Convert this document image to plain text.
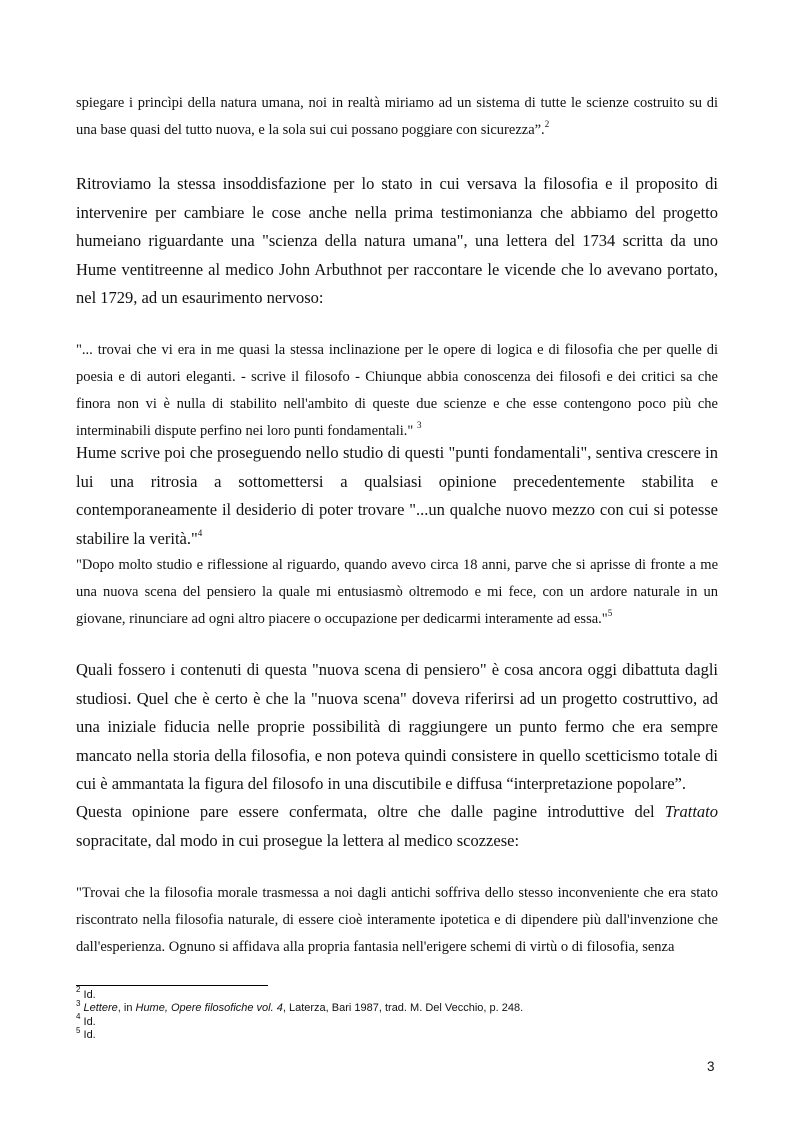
spiegare i princìpi della natura umana, noi in realtà miriamo ad un sistema di tutte le scienze costruito su di una base quasi del tutto nuova, e la sola sui cui possano poggiare con sicurezza”.$^2$

Ritroviamo la stessa insoddisfazione per lo stato in cui versava la filosofia e il proposito di intervenire per cambiare le cose anche nella prima testimonianza che abbiamo del progetto humeiano riguardante una "scienza della natura umana", una lettera del 1734 scritta da uno Hume ventitreenne al medico John Arbuthnot per raccontare le vicende che lo avevano portato, nel 1729, ad un esaurimento nervoso:

"... trovai che vi era in me quasi la stessa inclinazione per le opere di logica e di filosofia che per quelle di poesia e di autori eleganti. - scrive il filosofo - Chiunque abbia conoscenza dei filosofi e dei critici sa che finora non vi è nulla di stabilito nell'ambito di queste due scienze e che esse contengono poco più che interminabili dispute perfino nei loro punti fondamentali." $^3$

Hume scrive poi che proseguendo nello studio di questi "punti fondamentali", sentiva crescere in lui una ritrosia a sottomettersi a qualsiasi opinione precedentemente stabilita e contemporaneamente il desiderio di poter trovare "...un qualche nuovo mezzo con cui si potesse stabilire la verità."$^4$

"Dopo molto studio e riflessione al riguardo, quando avevo circa 18 anni, parve che si aprisse di fronte a me una nuova scena del pensiero la quale mi entusiasmò oltremodo e mi fece, con un ardore naturale in un giovane, rinunciare ad ogni altro piacere o occupazione per dedicarmi interamente ad essa."$^5$

Quali fossero i contenuti di questa "nuova scena di pensiero" è cosa ancora oggi dibattuta dagli studiosi. Quel che è certo è che la "nuova scena" doveva riferirsi ad un progetto costruttivo, ad una iniziale fiducia nelle proprie possibilità di raggiungere un punto fermo che era sempre mancato nella storia della filosofia, e non poteva quindi consistere in quello scetticismo totale di cui è ammantata la figura del filosofo in una discutibile e diffusa “interpretazione popolare”.

Questa opinione pare essere confermata, oltre che dalle pagine introduttive del Trattato sopracitate, dal modo in cui prosegue la lettera al medico scozzese:

"Trovai che la filosofia morale trasmessa a noi dagli antichi soffriva dello stesso inconveniente che era stato riscontrato nella filosofia naturale, di essere cioè interamente ipotetica e di dipendere più dall'invenzione che dall'esperienza. Ognuno si affidava alla propria fantasia nell'erigere schemi di virtù o di filosofia, senza

$^2$ Id.

$^3$ Lettere, in Hume, Opere filosofiche vol. 4, Laterza, Bari 1987, trad. M. Del Vecchio, p. 248.

$^4$ Id.

$^5$ Id.

3
